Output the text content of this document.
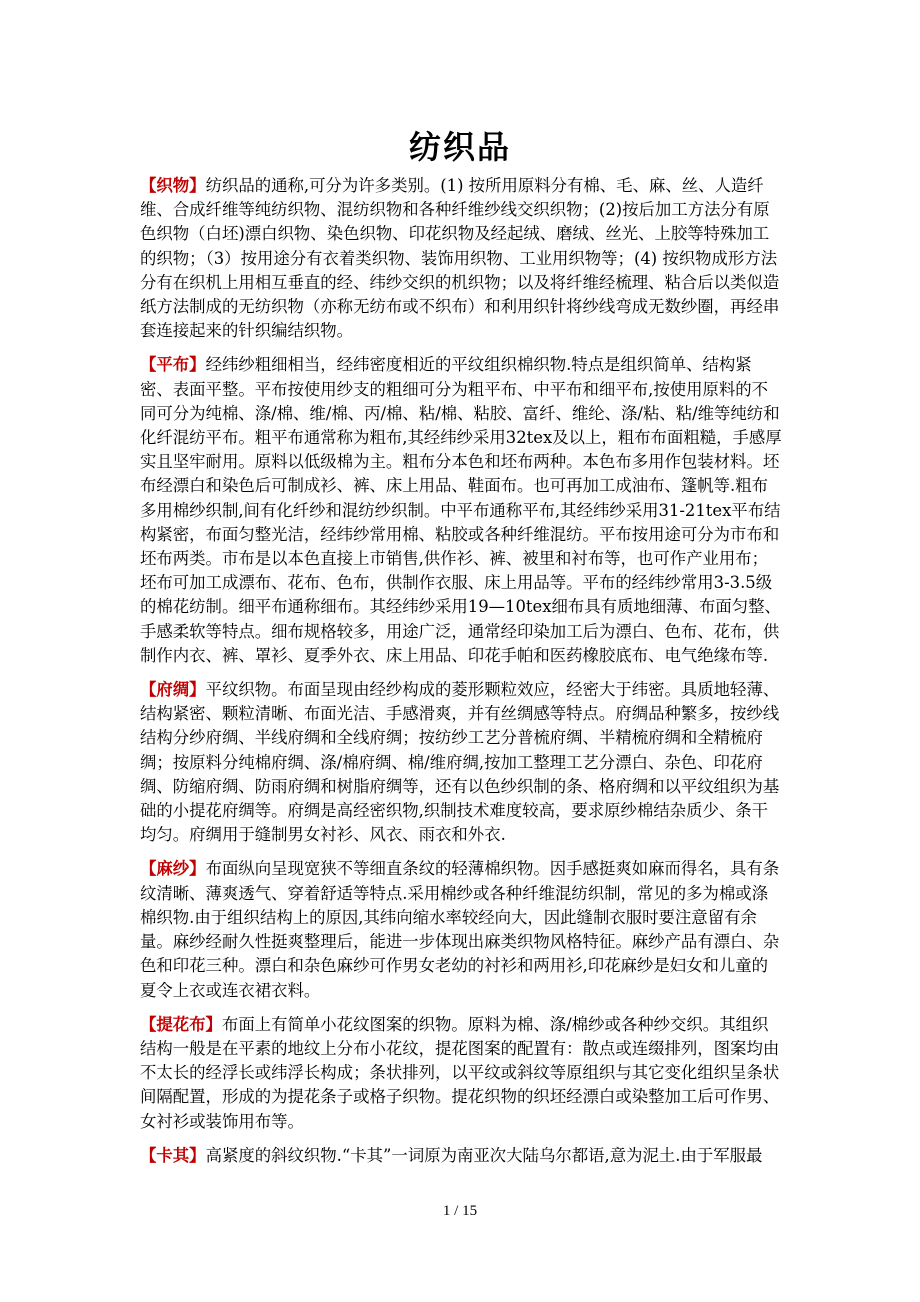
纺织品

【织物】纺织品的通称,可分为许多类别。(1) 按所用原料分有棉、毛、麻、丝、人造纤维、合成纤维等纯纺织物、混纺织物和各种纤维纱线交织织物；(2)按后加工方法分有原色织物（白坯)漂白织物、染色织物、印花织物及经起绒、磨绒、丝光、上胶等特殊加工的织物；（3）按用途分有衣着类织物、装饰用织物、工业用织物等；(4) 按织物成形方法分有在织机上用相互垂直的经、纬纱交织的机织物；以及将纤维经梳理、粘合后以类似造纸方法制成的无纺织物（亦称无纺布或不织布）和利用织针将纱线弯成无数纱圈，再经串套连接起来的针织编结织物。

【平布】经纬纱粗细相当，经纬密度相近的平纹组织棉织物.特点是组织简单、结构紧密、表面平整。平布按使用纱支的粗细可分为粗平布、中平布和细平布,按使用原料的不同可分为纯棉、涤/棉、维/棉、丙/棉、粘/棉、粘胶、富纤、维纶、涤/粘、粘/维等纯纺和化纤混纺平布。粗平布通常称为粗布,其经纬纱采用32tex及以上，粗布布面粗糙，手感厚实且坚牢耐用。原料以低级棉为主。粗布分本色和坯布两种。本色布多用作包装材料。坯布经漂白和染色后可制成衫、裤、床上用品、鞋面布。也可再加工成油布、篷帆等.粗布多用棉纱织制,间有化纤纱和混纺纱织制。中平布通称平布,其经纬纱采用31-21tex平布结构紧密，布面匀整光洁，经纬纱常用棉、粘胶或各种纤维混纺。平布按用途可分为市布和坯布两类。市布是以本色直接上市销售,供作衫、裤、被里和衬布等，也可作产业用布；坯布可加工成漂布、花布、色布，供制作衣服、床上用品等。平布的经纬纱常用3-3.5级的棉花纺制。细平布通称细布。其经纬纱采用19—10tex细布具有质地细薄、布面匀整、手感柔软等特点。细布规格较多，用途广泛，通常经印染加工后为漂白、色布、花布，供制作内衣、裤、罩衫、夏季外衣、床上用品、印花手帕和医药橡胶底布、电气绝缘布等.

【府绸】平纹织物。布面呈现由经纱构成的菱形颗粒效应，经密大于纬密。具质地轻薄、结构紧密、颗粒清晰、布面光洁、手感滑爽，并有丝绸感等特点。府绸品种繁多，按纱线结构分纱府绸、半线府绸和全线府绸；按纺纱工艺分普梳府绸、半精梳府绸和全精梳府绸；按原料分纯棉府绸、涤/棉府绸、棉/维府绸,按加工整理工艺分漂白、杂色、印花府绸、防缩府绸、防雨府绸和树脂府绸等，还有以色纱织制的条、格府绸和以平纹组织为基础的小提花府绸等。府绸是高经密织物,织制技术难度较高，要求原纱棉结杂质少、条干均匀。府绸用于缝制男女衬衫、风衣、雨衣和外衣.

【麻纱】布面纵向呈现宽狭不等细直条纹的轻薄棉织物。因手感挺爽如麻而得名，具有条纹清晰、薄爽透气、穿着舒适等特点.采用棉纱或各种纤维混纺织制，常见的多为棉或涤棉织物.由于组织结构上的原因,其纬向缩水率较经向大，因此缝制衣服时要注意留有余量。麻纱经耐久性挺爽整理后，能进一步体现出麻类织物风格特征。麻纱产品有漂白、杂色和印花三种。漂白和杂色麻纱可作男女老幼的衬衫和两用衫,印花麻纱是妇女和儿童的夏令上衣或连衣裙衣料。

【提花布】布面上有简单小花纹图案的织物。原料为棉、涤/棉纱或各种纱交织。其组织结构一般是在平素的地纹上分布小花纹，提花图案的配置有：散点或连缀排列，图案均由不太长的经浮长或纬浮长构成；条状排列，以平纹或斜纹等原组织与其它变化组织呈条状间隔配置，形成的为提花条子或格子织物。提花织物的织坯经漂白或染整加工后可作男、女衬衫或装饰用布等。

【卡其】高紧度的斜纹织物.“卡其”一词原为南亚次大陆乌尔都语,意为泥土.由于军服最

1 / 15
